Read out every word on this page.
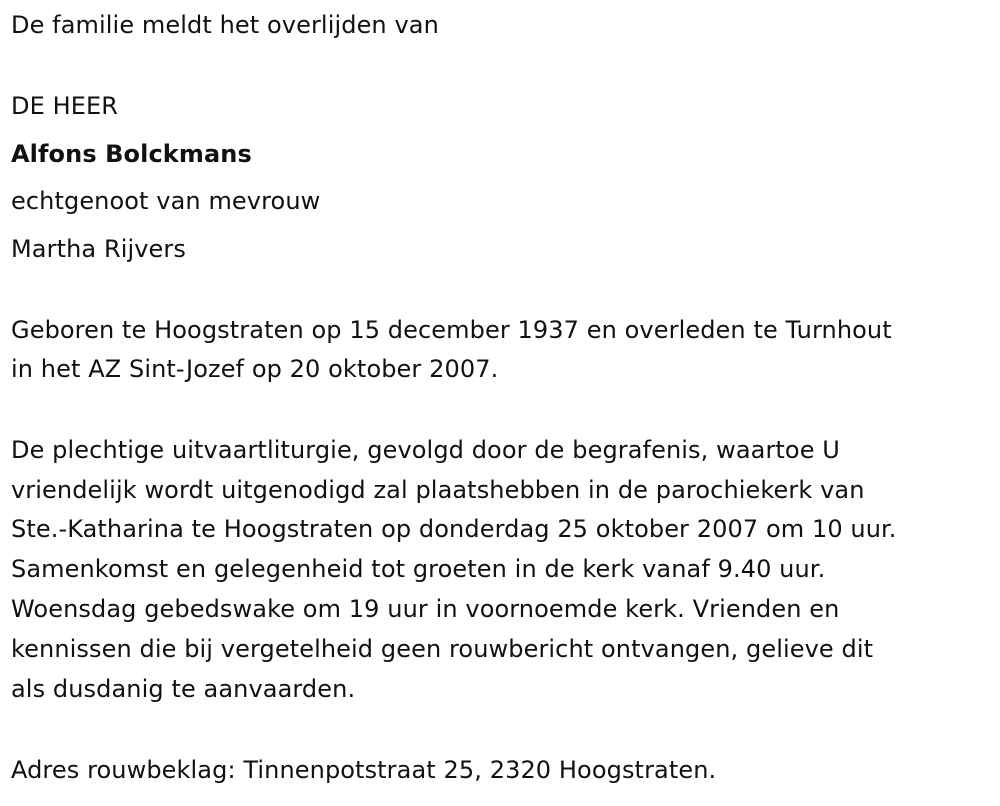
De familie meldt het overlijden van
DE HEER
Alfons Bolckmans
echtgenoot van mevrouw
Martha Rijvers
Geboren te Hoogstraten op 15 december 1937 en overleden te Turnhout
in het AZ Sint-Jozef op 20 oktober 2007.
De plechtige uitvaartliturgie, gevolgd door de begrafenis, waartoe U
vriendelijk wordt uitgenodigd zal plaatshebben in de parochiekerk van
Ste.-Katharina te Hoogstraten op donderdag 25 oktober 2007 om 10 uur.
Samenkomst en gelegenheid tot groeten in de kerk vanaf 9.40 uur.
Woensdag gebedswake om 19 uur in voornoemde kerk. Vrienden en
kennissen die bij vergetelheid geen rouwbericht ontvangen, gelieve dit
als dusdanig te aanvaarden.
Adres rouwbeklag: Tinnenpotstraat 25, 2320 Hoogstraten.
